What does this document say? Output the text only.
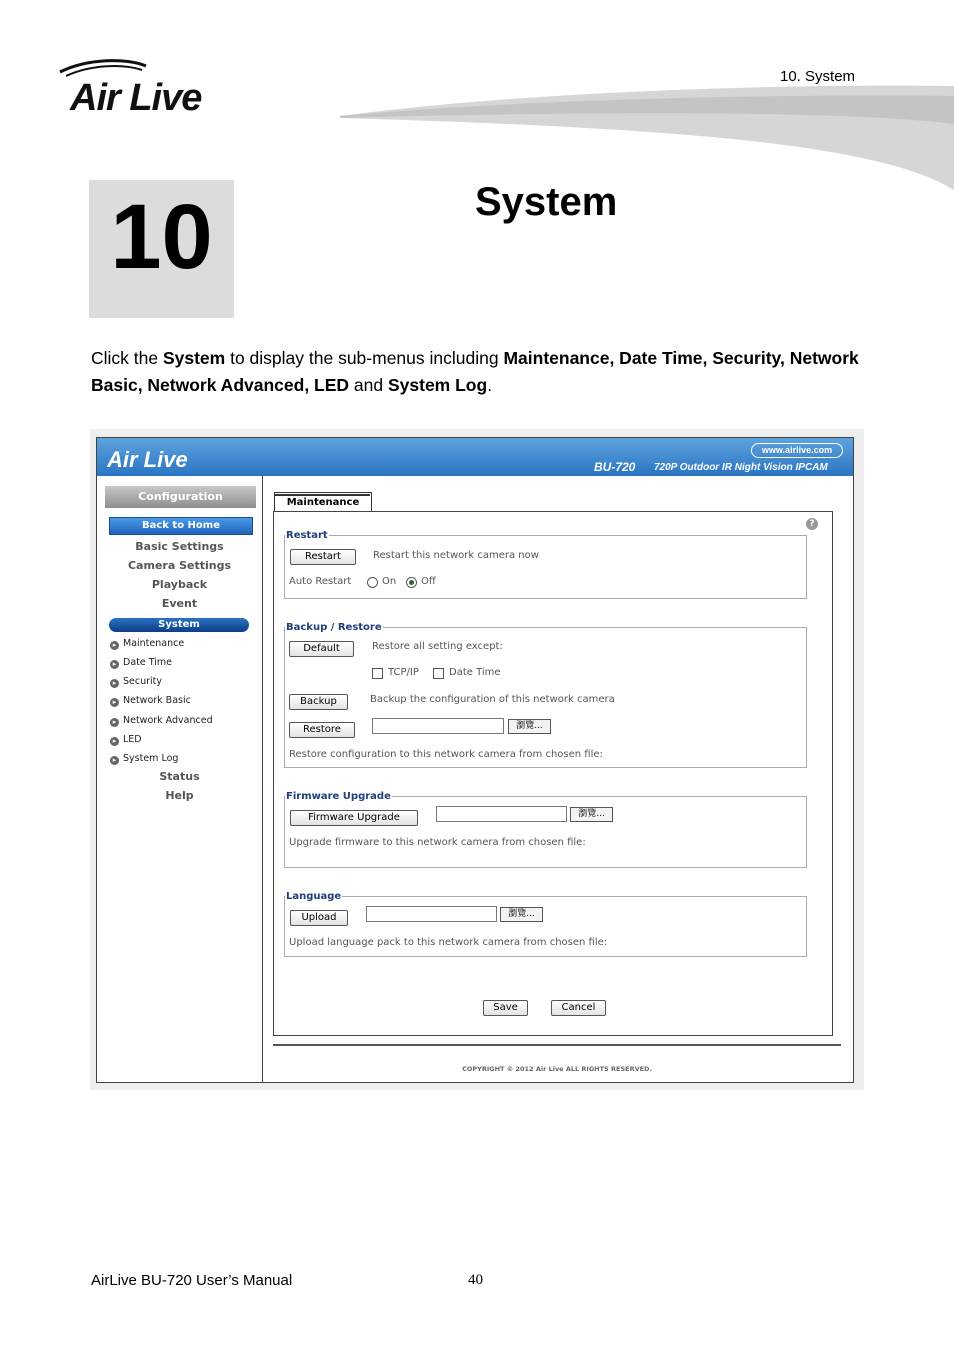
Air Live
10. System
10	System
Click the System to display the sub-menus including Maintenance, Date Time, Security, Network Basic, Network Advanced, LED and System Log.
Air Live	www.airlive.com
BU-720 720P Outdoor IR Night Vision IPCAM
Configuration
Back to Home
Basic Settings
Camera Settings
Playback
Event
System
▸ Maintenance
▸ Date Time
▸ Security
▸ Network Basic
▸ Network Advanced
▸ LED
▸ System Log
Status
Help
Maintenance
?
Restart
Restart	Restart this network camera now
Auto Restart	On Off
Backup / Restore
Default	Restore all setting except:
TCP/IP	Date Time
Backup	Backup the configuration of this network camera
Restore	瀏覽...
Restore configuration to this network camera from chosen file:
Firmware Upgrade
Firmware Upgrade	瀏覽...
Upgrade firmware to this network camera from chosen file:
Language
Upload	瀏覽...
Upload language pack to this network camera from chosen file:
Save	Cancel
COPYRIGHT © 2012 Air Live ALL RIGHTS RESERVED.
AirLive BU-720 User’s Manual	40
